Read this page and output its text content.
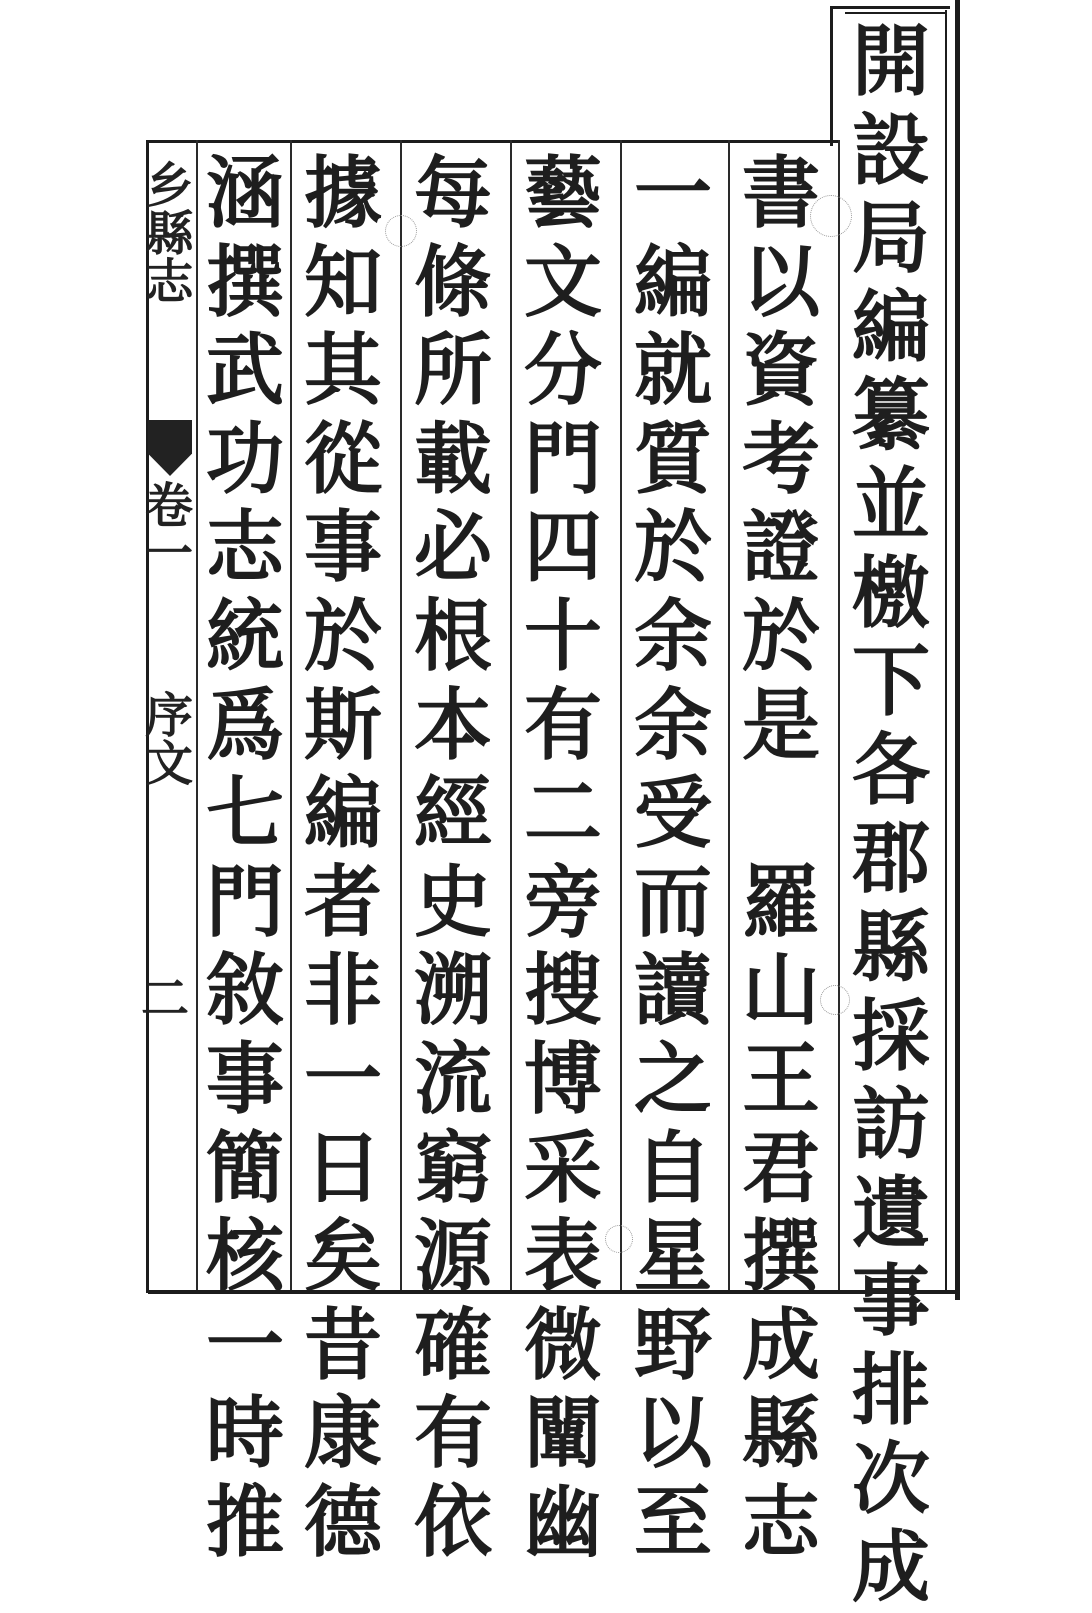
開
設
局
編
纂
並
檄
下
各
郡
縣
採
訪
遺
事
排
次
成
書
以
資
考
證
於
是
羅
山
王
君
撰
成
縣
志
一
編
就
質
於
余
余
受
而
讀
之
自
星
野
以
至
藝
文
分
門
四
十
有
二
旁
搜
博
采
表
微
闡
幽
每
條
所
載
必
根
本
經
史
溯
流
窮
源
確
有
依
據
知
其
從
事
於
斯
編
者
非
一
日
矣
昔
康
德
涵
撰
武
功
志
統
爲
七
門
敘
事
簡
核
一
時
推
乡縣志
卷一
序文
二
